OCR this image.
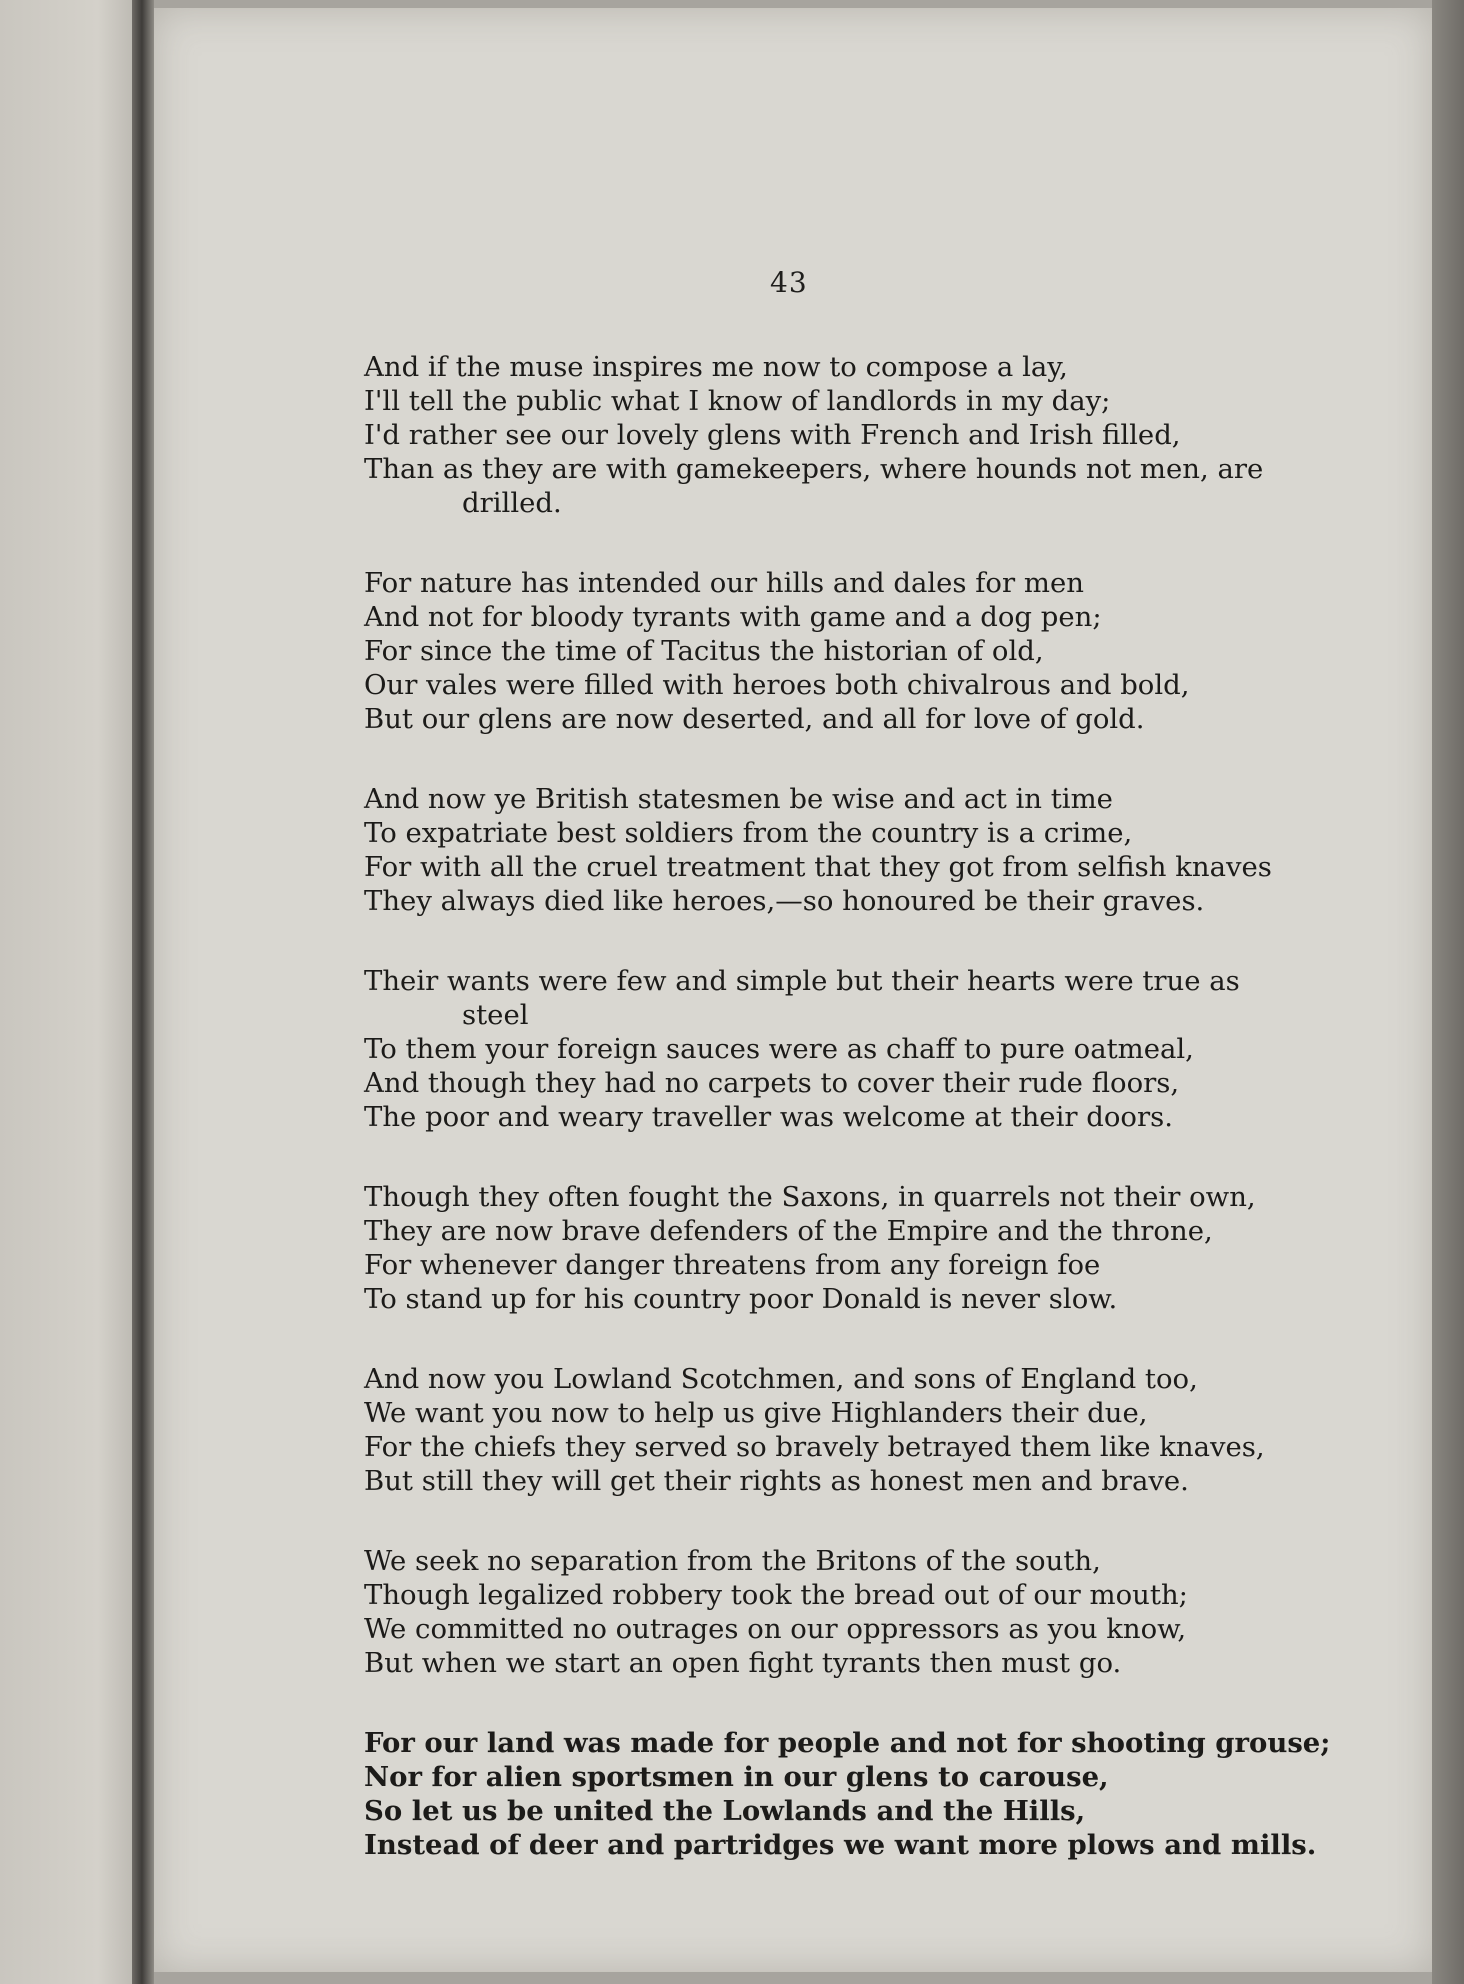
43
And if the muse inspires me now to compose a lay,
I'll tell the public what I know of landlords in my day;
I'd rather see our lovely glens with French and Irish filled,
Than as they are with gamekeepers, where hounds not men, are
drilled.
For nature has intended our hills and dales for men
And not for bloody tyrants with game and a dog pen;
For since the time of Tacitus the historian of old,
Our vales were filled with heroes both chivalrous and bold,
But our glens are now deserted, and all for love of gold.
And now ye British statesmen be wise and act in time
To expatriate best soldiers from the country is a crime,
For with all the cruel treatment that they got from selfish knaves
They always died like heroes,—so honoured be their graves.
Their wants were few and simple but their hearts were true as
steel
To them your foreign sauces were as chaff to pure oatmeal,
And though they had no carpets to cover their rude floors,
The poor and weary traveller was welcome at their doors.
Though they often fought the Saxons, in quarrels not their own,
They are now brave defenders of the Empire and the throne,
For whenever danger threatens from any foreign foe
To stand up for his country poor Donald is never slow.
And now you Lowland Scotchmen, and sons of England too,
We want you now to help us give Highlanders their due,
For the chiefs they served so bravely betrayed them like knaves,
But still they will get their rights as honest men and brave.
We seek no separation from the Britons of the south,
Though legalized robbery took the bread out of our mouth;
We committed no outrages on our oppressors as you know,
But when we start an open fight tyrants then must go.
For our land was made for people and not for shooting grouse;
Nor for alien sportsmen in our glens to carouse,
So let us be united the Lowlands and the Hills,
Instead of deer and partridges we want more plows and mills.
